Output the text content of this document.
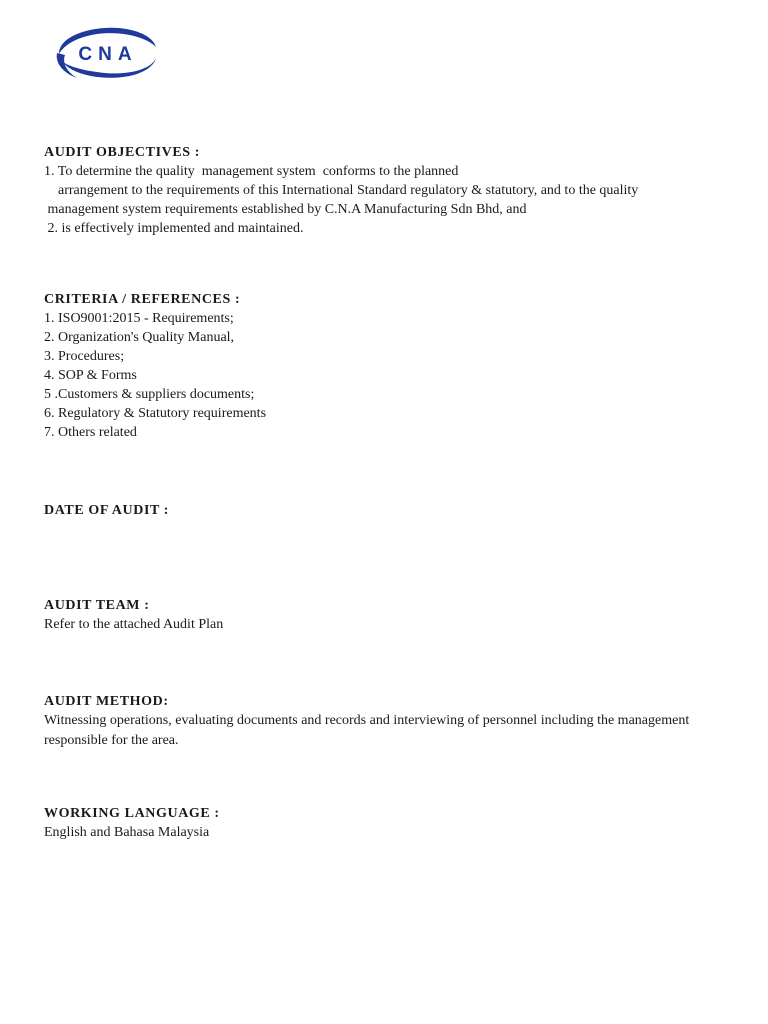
CNA
AUDIT OBJECTIVES :

1. To determine the quality  management system  conforms to the planned

arrangement to the requirements of this International Standard regulatory & statutory, and to the quality

management system requirements established by C.N.A Manufacturing Sdn Bhd, and

2. is effectively implemented and maintained.

CRITERIA / REFERENCES :

1. ISO9001:2015 - Requirements;

2. Organization's Quality Manual,

3. Procedures;

4. SOP & Forms

5 .Customers & suppliers documents;

6. Regulatory & Statutory requirements

7. Others related

DATE OF AUDIT :
AUDIT TEAM :

Refer to the attached Audit Plan

AUDIT METHOD:

Witnessing operations, evaluating documents and records and interviewing of personnel including the management responsible for the area.

WORKING LANGUAGE :

English and Bahasa Malaysia
